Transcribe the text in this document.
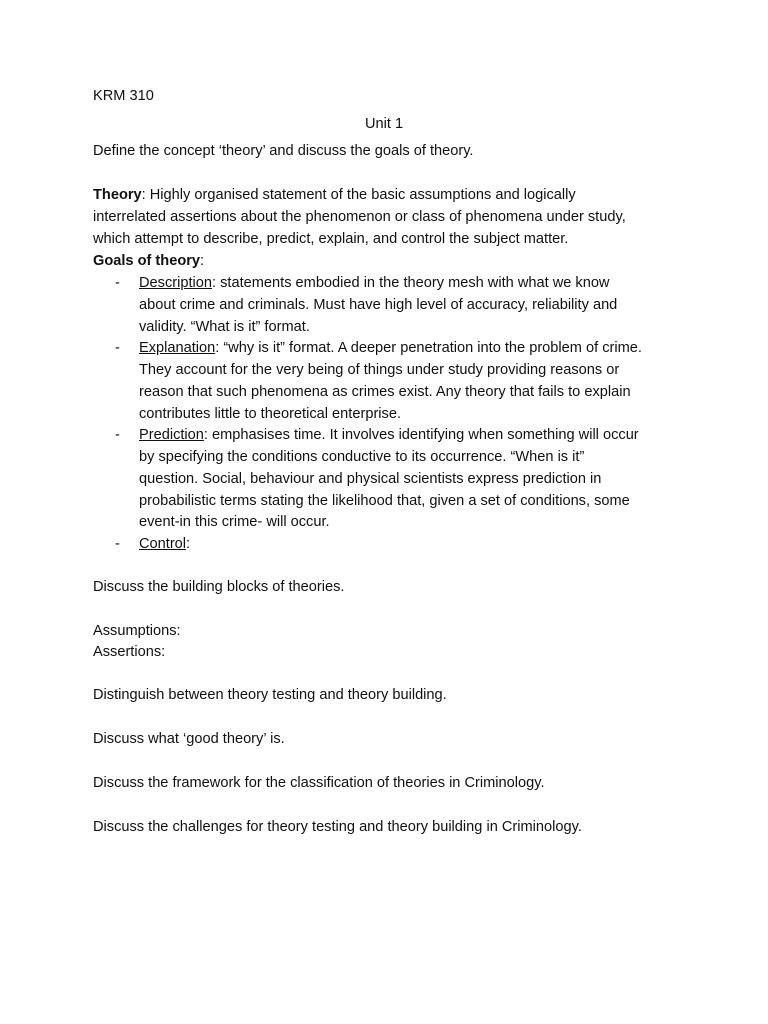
KRM 310
Unit 1
Define the concept ‘theory’ and discuss the goals of theory.
Theory: Highly organised statement of the basic assumptions and logically
interrelated assertions about the phenomenon or class of phenomena under study,
which attempt to describe, predict, explain, and control the subject matter.
Goals of theory:
- Description: statements embodied in the theory mesh with what we know
about crime and criminals. Must have high level of accuracy, reliability and
validity. “What is it” format.
- Explanation: “why is it” format. A deeper penetration into the problem of crime.
They account for the very being of things under study providing reasons or
reason that such phenomena as crimes exist. Any theory that fails to explain
contributes little to theoretical enterprise.
- Prediction: emphasises time. It involves identifying when something will occur
by specifying the conditions conductive to its occurrence. “When is it”
question. Social, behaviour and physical scientists express prediction in
probabilistic terms stating the likelihood that, given a set of conditions, some
event-in this crime- will occur.
- Control:
Discuss the building blocks of theories.
Assumptions:
Assertions:
Distinguish between theory testing and theory building.
Discuss what ‘good theory’ is.
Discuss the framework for the classification of theories in Criminology.
Discuss the challenges for theory testing and theory building in Criminology.
